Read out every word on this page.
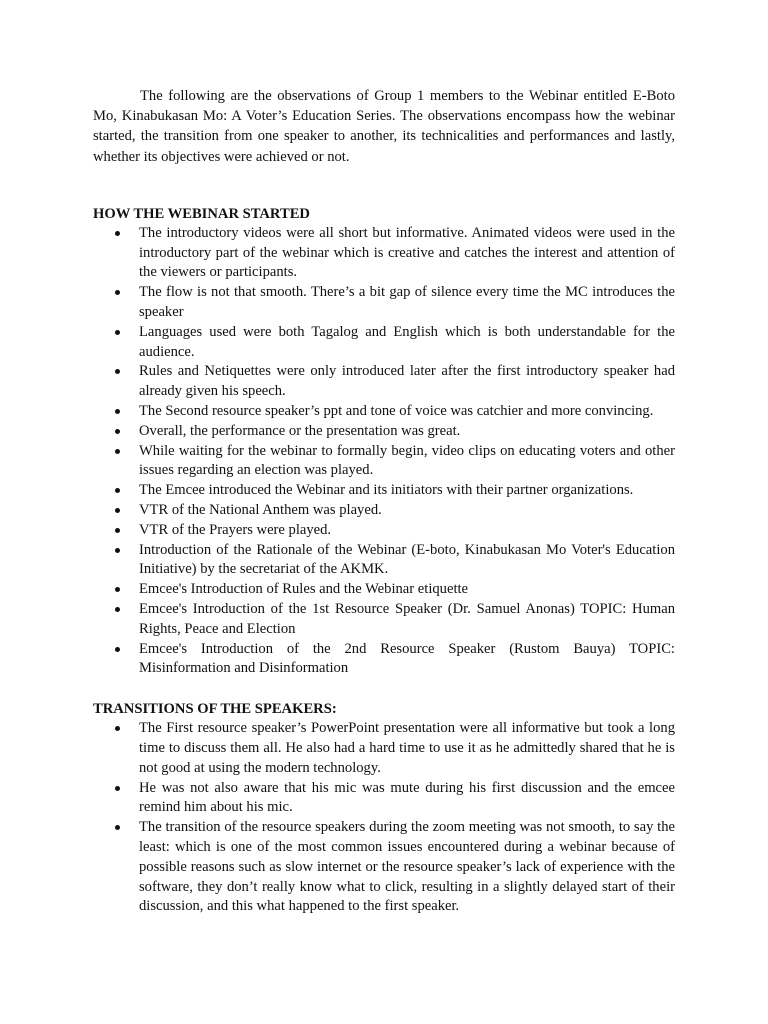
The following are the observations of Group 1 members to the Webinar entitled E-Boto Mo, Kinabukasan Mo: A Voter’s Education Series. The observations encompass how the webinar started, the transition from one speaker to another, its technicalities and performances and lastly, whether its objectives were achieved or not.

HOW THE WEBINAR STARTED
The introductory videos were all short but informative. Animated videos were used in the introductory part of the webinar which is creative and catches the interest and attention of the viewers or participants.
The flow is not that smooth. There’s a bit gap of silence every time the MC introduces the speaker
Languages used were both Tagalog and English which is both understandable for the audience.
Rules and Netiquettes were only introduced later after the first introductory speaker had already given his speech.
The Second resource speaker’s ppt and tone of voice was catchier and more convincing.
Overall, the performance or the presentation was great.
While waiting for the webinar to formally begin, video clips on educating voters and other issues regarding an election was played.
The Emcee introduced the Webinar and its initiators with their partner organizations.
VTR of the National Anthem was played.
VTR of the Prayers were played.
Introduction of the Rationale of the Webinar (E-boto, Kinabukasan Mo Voter's Education Initiative) by the secretariat of the AKMK.
Emcee's Introduction of Rules and the Webinar etiquette
Emcee's Introduction of the 1st Resource Speaker (Dr. Samuel Anonas) TOPIC: Human Rights, Peace and Election
Emcee's Introduction of the 2nd Resource Speaker (Rustom Bauya) TOPIC: Misinformation and Disinformation
TRANSITIONS OF THE SPEAKERS:
The First resource speaker’s PowerPoint presentation were all informative but took a long time to discuss them all. He also had a hard time to use it as he admittedly shared that he is not good at using the modern technology.
He was not also aware that his mic was mute during his first discussion and the emcee remind him about his mic.
The transition of the resource speakers during the zoom meeting was not smooth, to say the least: which is one of the most common issues encountered during a webinar because of possible reasons such as slow internet or the resource speaker’s lack of experience with the software, they don’t really know what to click, resulting in a slightly delayed start of their discussion, and this what happened to the first speaker.
